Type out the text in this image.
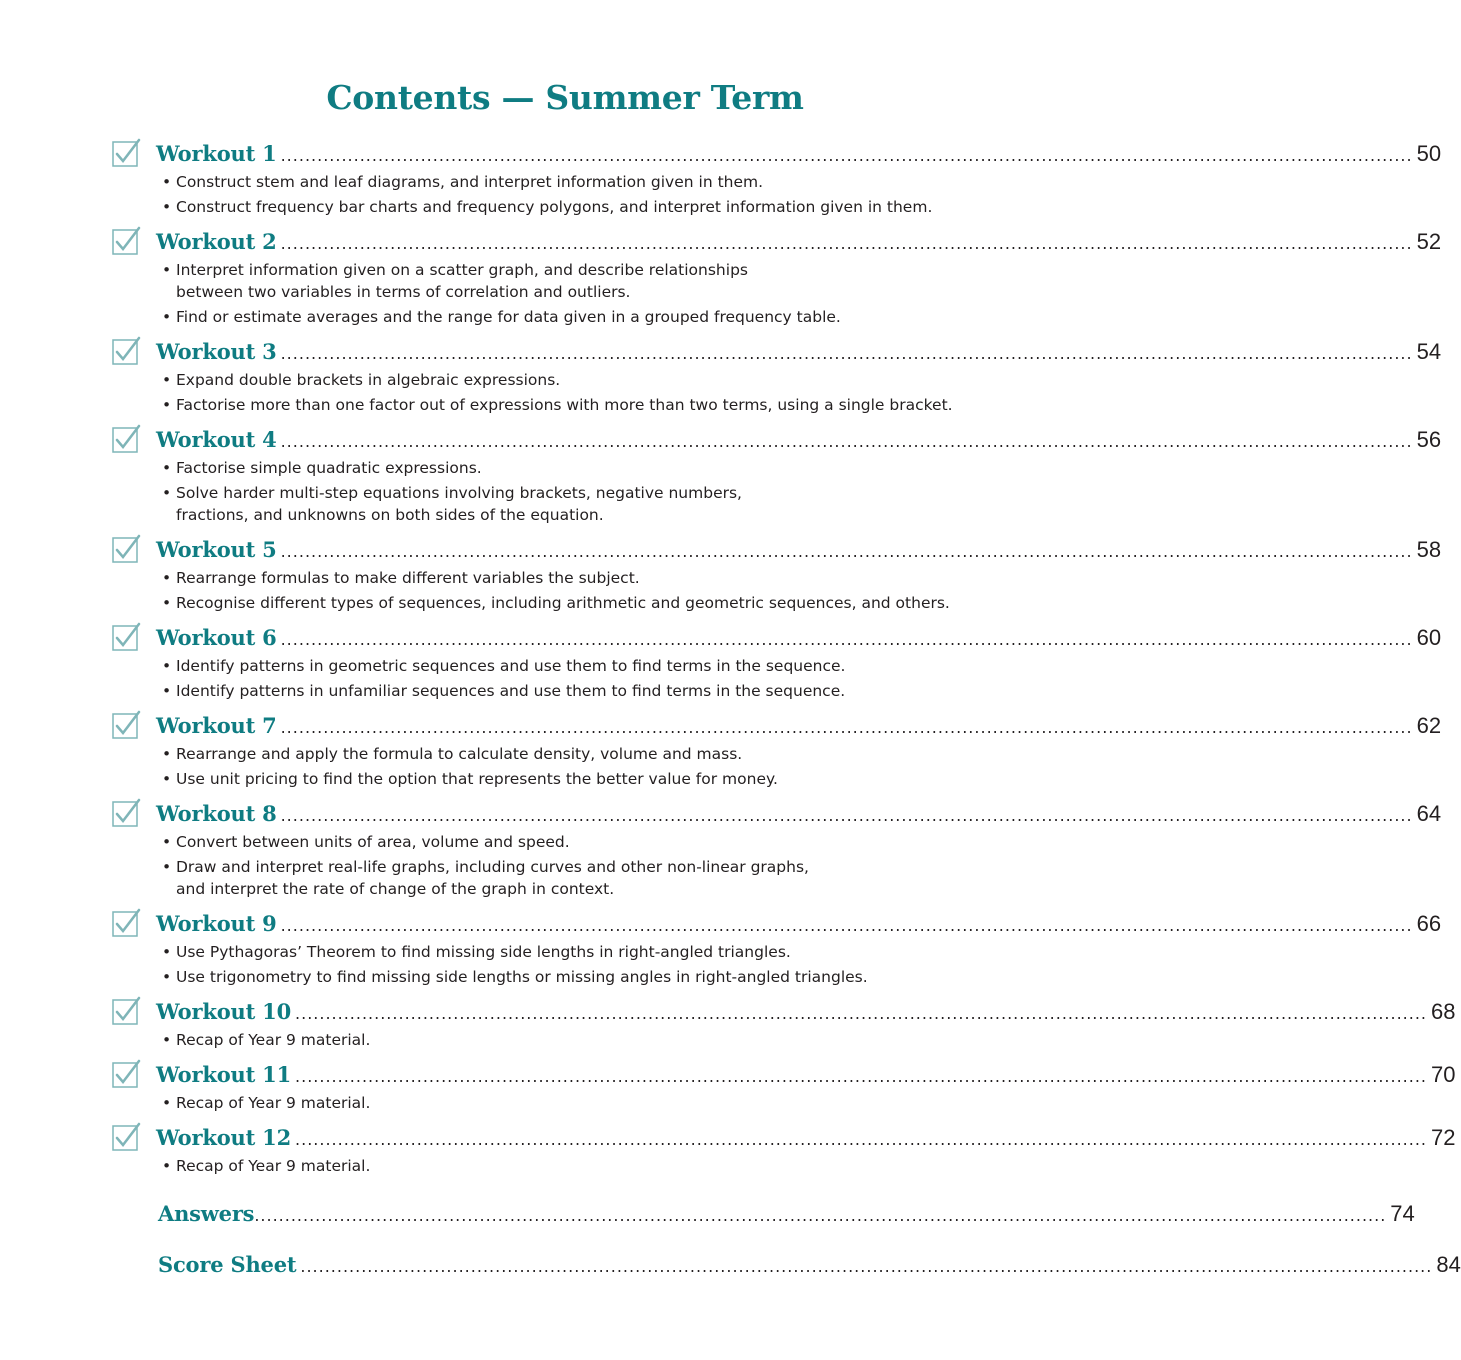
Contents — Summer Term
Workout 1 .......................................................................................................................................................................................... 50
• Construct stem and leaf diagrams, and interpret information given in them.
• Construct frequency bar charts and frequency polygons, and interpret information given in them.
Workout 2 .......................................................................................................................................................................................... 52
• Interpret information given on a scatter graph, and describe relationships
between two variables in terms of correlation and outliers.
• Find or estimate averages and the range for data given in a grouped frequency table.
Workout 3 .......................................................................................................................................................................................... 54
• Expand double brackets in algebraic expressions.
• Factorise more than one factor out of expressions with more than two terms, using a single bracket.
Workout 4 .......................................................................................................................................................................................... 56
• Factorise simple quadratic expressions.
• Solve harder multi-step equations involving brackets, negative numbers,
fractions, and unknowns on both sides of the equation.
Workout 5 .......................................................................................................................................................................................... 58
• Rearrange formulas to make different variables the subject.
• Recognise different types of sequences, including arithmetic and geometric sequences, and others.
Workout 6 .......................................................................................................................................................................................... 60
• Identify patterns in geometric sequences and use them to find terms in the sequence.
• Identify patterns in unfamiliar sequences and use them to find terms in the sequence.
Workout 7 .......................................................................................................................................................................................... 62
• Rearrange and apply the formula to calculate density, volume and mass.
• Use unit pricing to find the option that represents the better value for money.
Workout 8 .......................................................................................................................................................................................... 64
• Convert between units of area, volume and speed.
• Draw and interpret real-life graphs, including curves and other non-linear graphs,
and interpret the rate of change of the graph in context.
Workout 9 .......................................................................................................................................................................................... 66
• Use Pythagoras’ Theorem to find missing side lengths in right-angled triangles.
• Use trigonometry to find missing side lengths or missing angles in right-angled triangles.
Workout 10 .......................................................................................................................................................................................... 68
• Recap of Year 9 material.
Workout 11 .......................................................................................................................................................................................... 70
• Recap of Year 9 material.
Workout 12 .......................................................................................................................................................................................... 72
• Recap of Year 9 material.
Answers .......................................................................................................................................................................................... 74
Score Sheet .......................................................................................................................................................................................... 84
